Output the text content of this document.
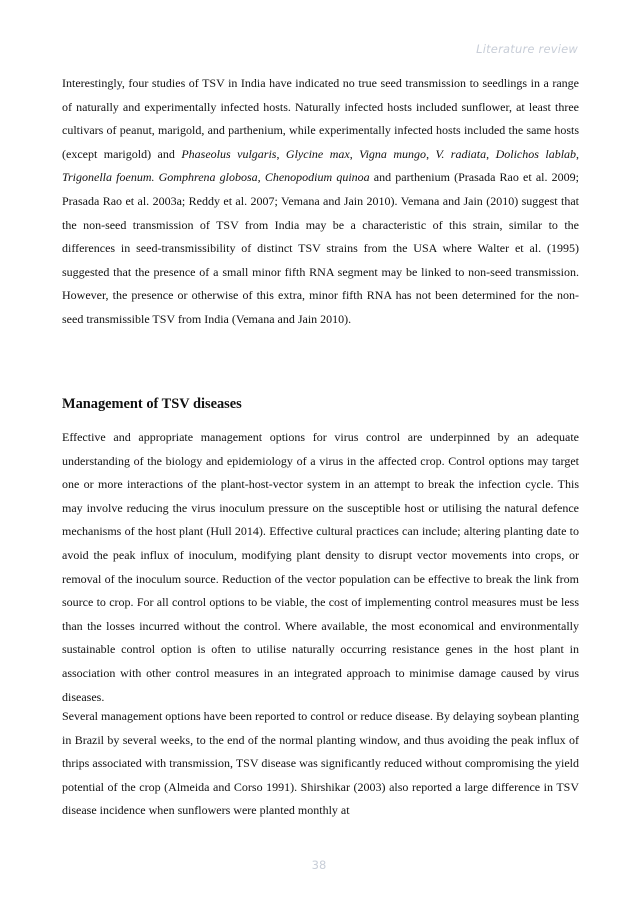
Literature review

Interestingly, four studies of TSV in India have indicated no true seed transmission to seedlings in a range of naturally and experimentally infected hosts. Naturally infected hosts included sunflower, at least three cultivars of peanut, marigold, and parthenium, while experimentally infected hosts included the same hosts (except marigold) and Phaseolus vulgaris, Glycine max, Vigna mungo, V. radiata, Dolichos lablab, Trigonella foenum. Gomphrena globosa, Chenopodium quinoa and parthenium (Prasada Rao et al. 2009; Prasada Rao et al. 2003a; Reddy et al. 2007; Vemana and Jain 2010). Vemana and Jain (2010) suggest that the non-seed transmission of TSV from India may be a characteristic of this strain, similar to the differences in seed-transmissibility of distinct TSV strains from the USA where Walter et al. (1995) suggested that the presence of a small minor fifth RNA segment may be linked to non-seed transmission. However, the presence or otherwise of this extra, minor fifth RNA has not been determined for the non-seed transmissible TSV from India (Vemana and Jain 2010).

Management of TSV diseases

Effective and appropriate management options for virus control are underpinned by an adequate understanding of the biology and epidemiology of a virus in the affected crop. Control options may target one or more interactions of the plant-host-vector system in an attempt to break the infection cycle. This may involve reducing the virus inoculum pressure on the susceptible host or utilising the natural defence mechanisms of the host plant (Hull 2014). Effective cultural practices can include; altering planting date to avoid the peak influx of inoculum, modifying plant density to disrupt vector movements into crops, or removal of the inoculum source. Reduction of the vector population can be effective to break the link from source to crop. For all control options to be viable, the cost of implementing control measures must be less than the losses incurred without the control. Where available, the most economical and environmentally sustainable control option is often to utilise naturally occurring resistance genes in the host plant in association with other control measures in an integrated approach to minimise damage caused by virus diseases.

Several management options have been reported to control or reduce disease. By delaying soybean planting in Brazil by several weeks, to the end of the normal planting window, and thus avoiding the peak influx of thrips associated with transmission, TSV disease was significantly reduced without compromising the yield potential of the crop (Almeida and Corso 1991). Shirshikar (2003) also reported a large difference in TSV disease incidence when sunflowers were planted monthly at

38
